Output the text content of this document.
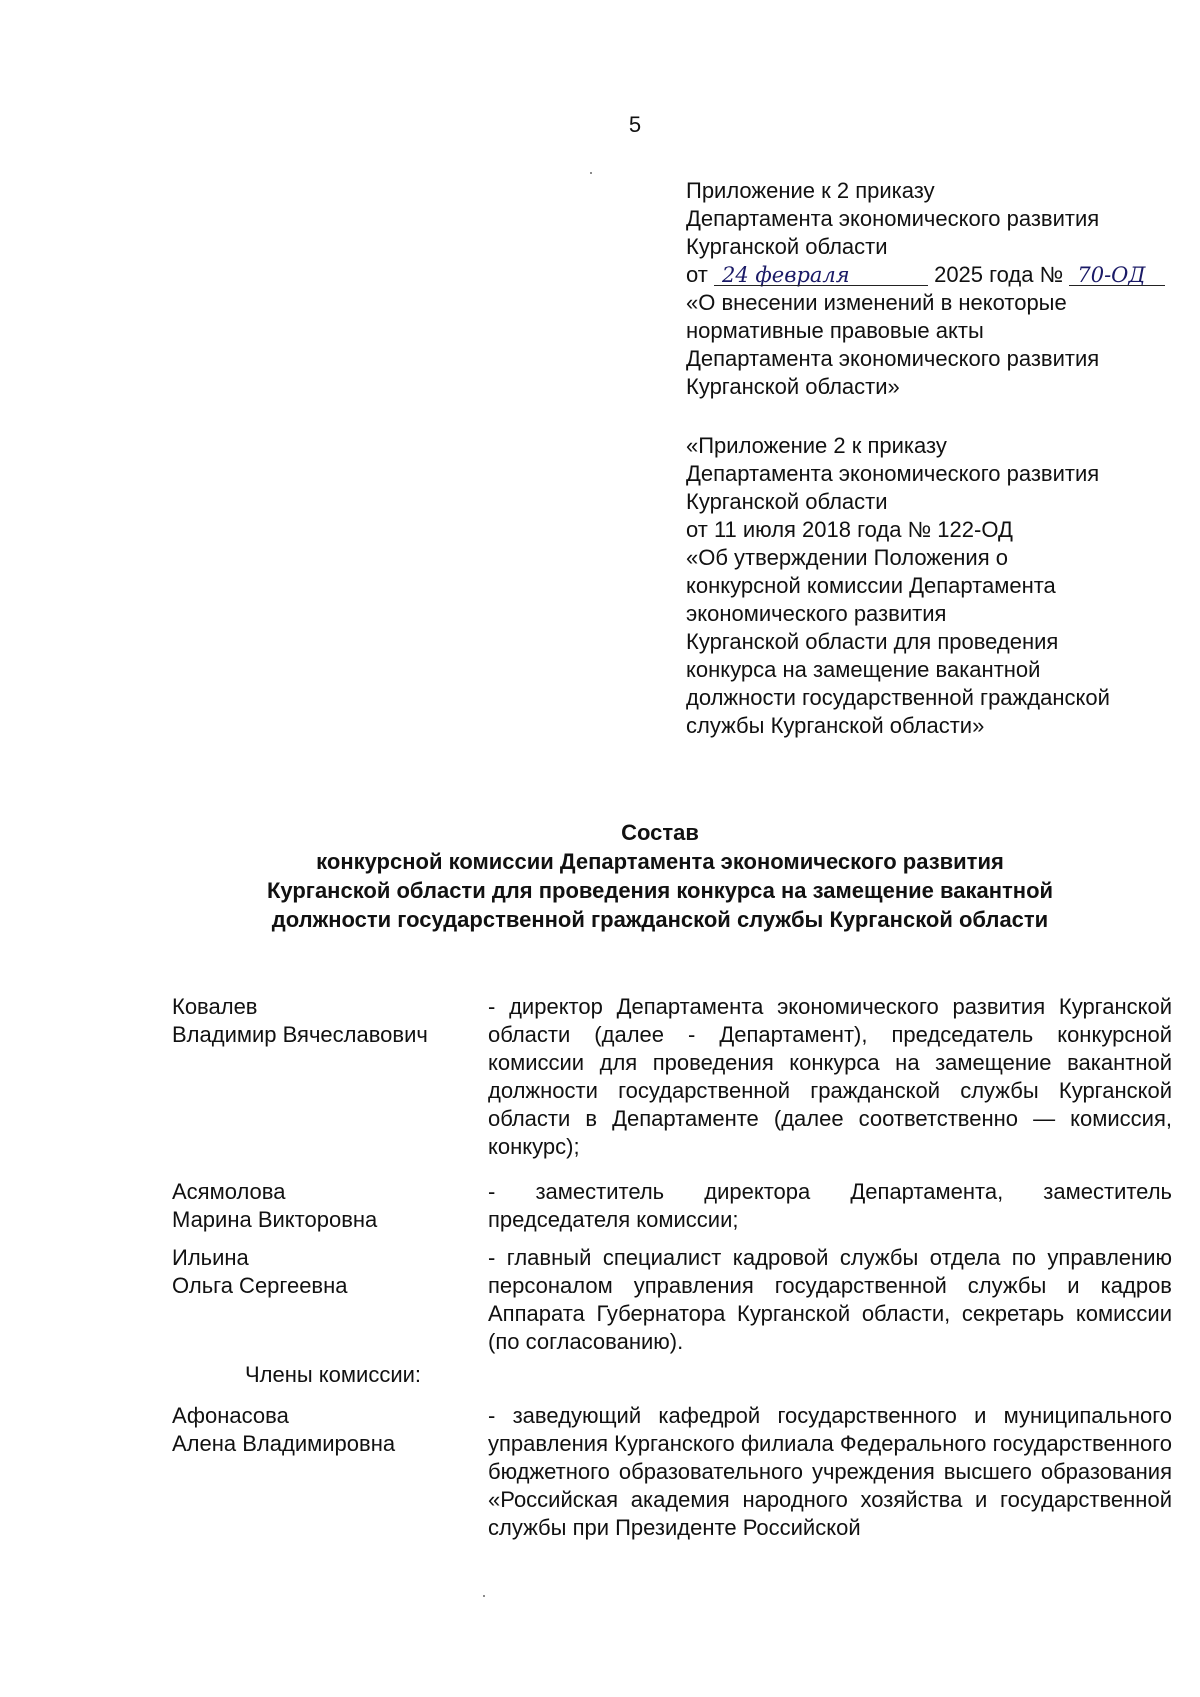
5
Приложение к 2 приказу
Департамента экономического развития
Курганской области
от 24 февраля	2025 года № 70-ОД
«О внесении изменений в некоторые
нормативные правовые акты
Департамента экономического развития
Курганской области»
«Приложение 2 к приказу
Департамента экономического развития
Курганской области
от 11 июля 2018 года № 122-ОД
«Об утверждении Положения о
конкурсной комиссии Департамента
экономического развития
Курганской области для проведения
конкурса на замещение вакантной
должности государственной гражданской
службы Курганской области»
Состав
конкурсной комиссии Департамента экономического развития
Курганской области для проведения конкурса на замещение вакантной
должности государственной гражданской службы Курганской области
Ковалев
Владимир Вячеславович
- директор Департамента экономического развития Курганской области (далее - Департамент), председатель конкурсной комиссии для проведения конкурса на замещение вакантной должности государственной гражданской службы Курганской области в Департаменте (далее соответственно — комиссия, конкурс);
Асямолова
Марина Викторовна
- заместитель директора Департамента, заместитель председателя комиссии;
Ильина
Ольга Сергеевна
- главный специалист кадровой службы отдела по управлению персоналом управления государственной службы и кадров Аппарата Губернатора Курганской области, секретарь комиссии (по согласованию).
Члены комиссии:
Афонасова
Алена Владимировна
- заведующий кафедрой государственного и муниципального управления Курганского филиала Федерального государственного бюджетного образовательного учреждения высшего образования «Российская академия народного хозяйства и государственной службы при Президенте Российской
